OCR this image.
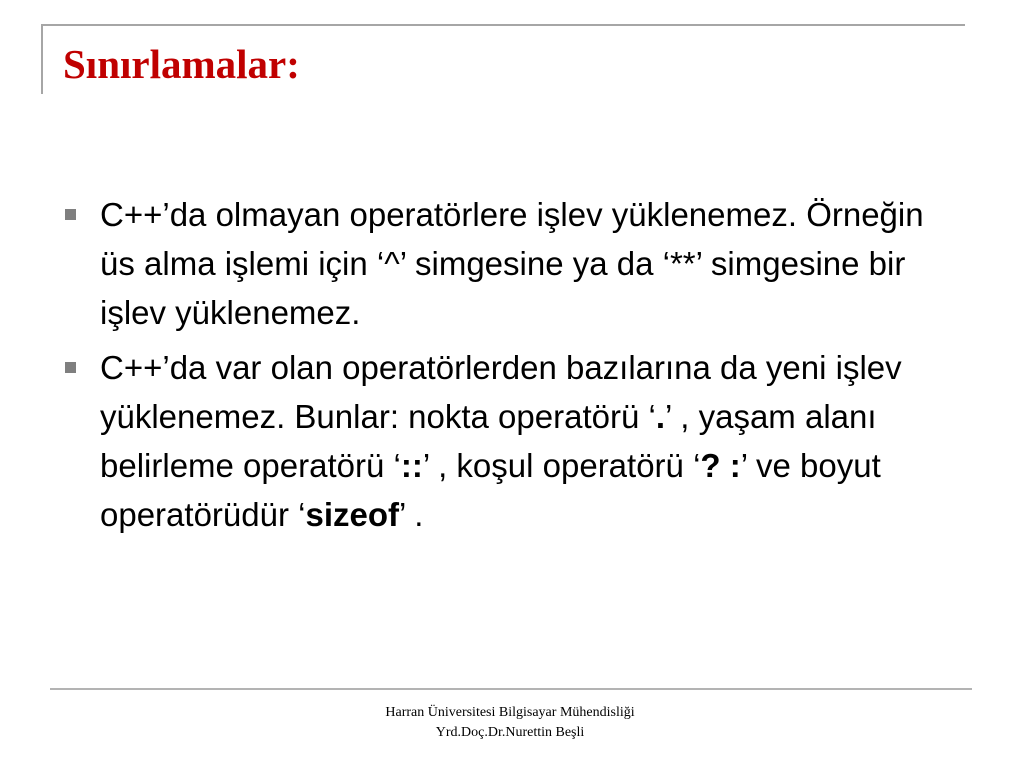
Sınırlamalar:
C++’da olmayan operatörlere işlev yüklenemez. Örneğin üs alma işlemi için ‘^’ simgesine ya da ‘**’ simgesine bir işlev yüklenemez.
C++’da var olan operatörlerden bazılarına da yeni işlev yüklenemez. Bunlar: nokta operatörü ‘.’ , yaşam alanı belirleme operatörü ‘::’ , koşul operatörü ‘? :’ ve boyut operatörüdür ‘sizeof’ .
Harran Üniversitesi Bilgisayar Mühendisliği
Yrd.Doç.Dr.Nurettin Beşli
